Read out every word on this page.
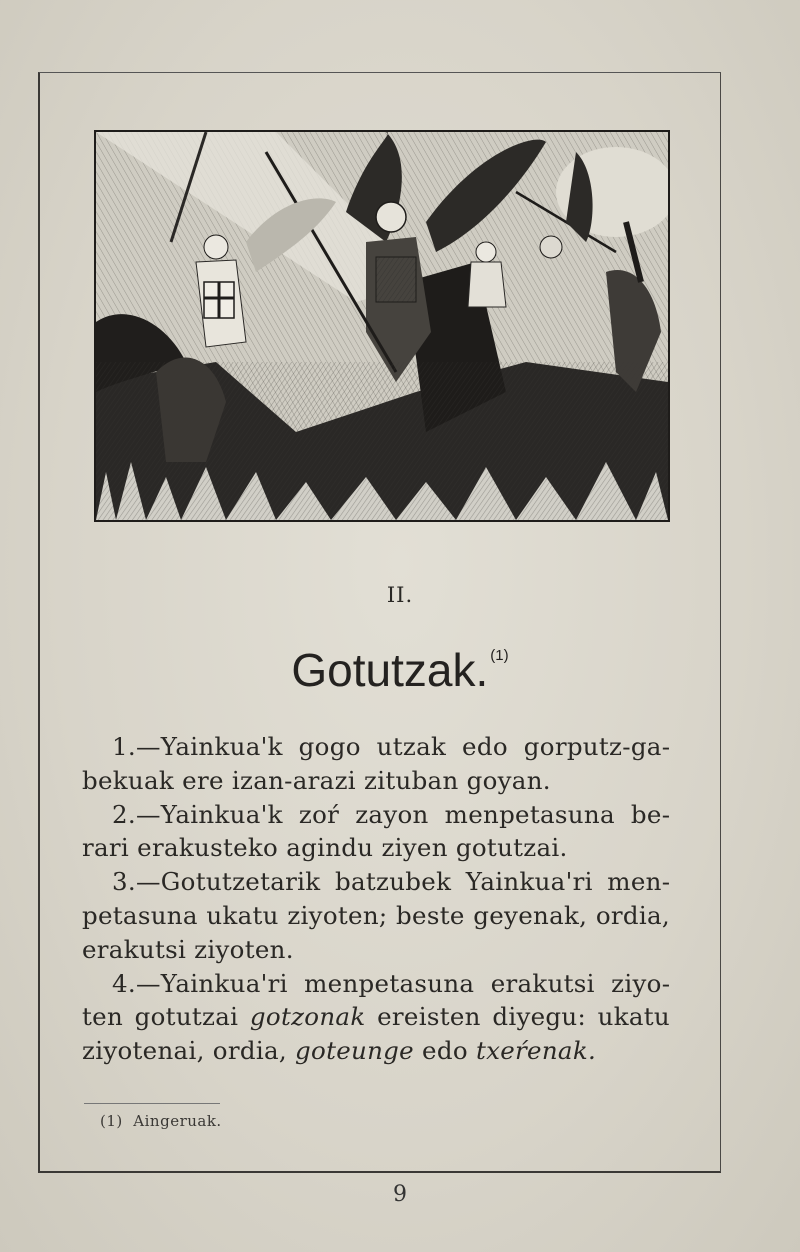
II.
Gotutzak. $^{(1)}$

1.—Yainkua'k gogo utzak edo gorputz-gabekuak ere izan-arazi zituban goyan.

2.—Yainkua'k zoŕ zayon menpetasuna berari erakusteko agindu ziyen gotutzai.

3.—Gotutzetarik batzubek Yainkua'ri menpetasuna ukatu ziyoten; beste geyenak, ordia, erakutsi ziyoten.

4.—Yainkua'ri menpetasuna erakutsi ziyoten gotutzai gotzonak ereisten diyegu: ukatu ziyotenai, ordia, goteunge edo txeŕenak.

(1) Aingeruak.
9
